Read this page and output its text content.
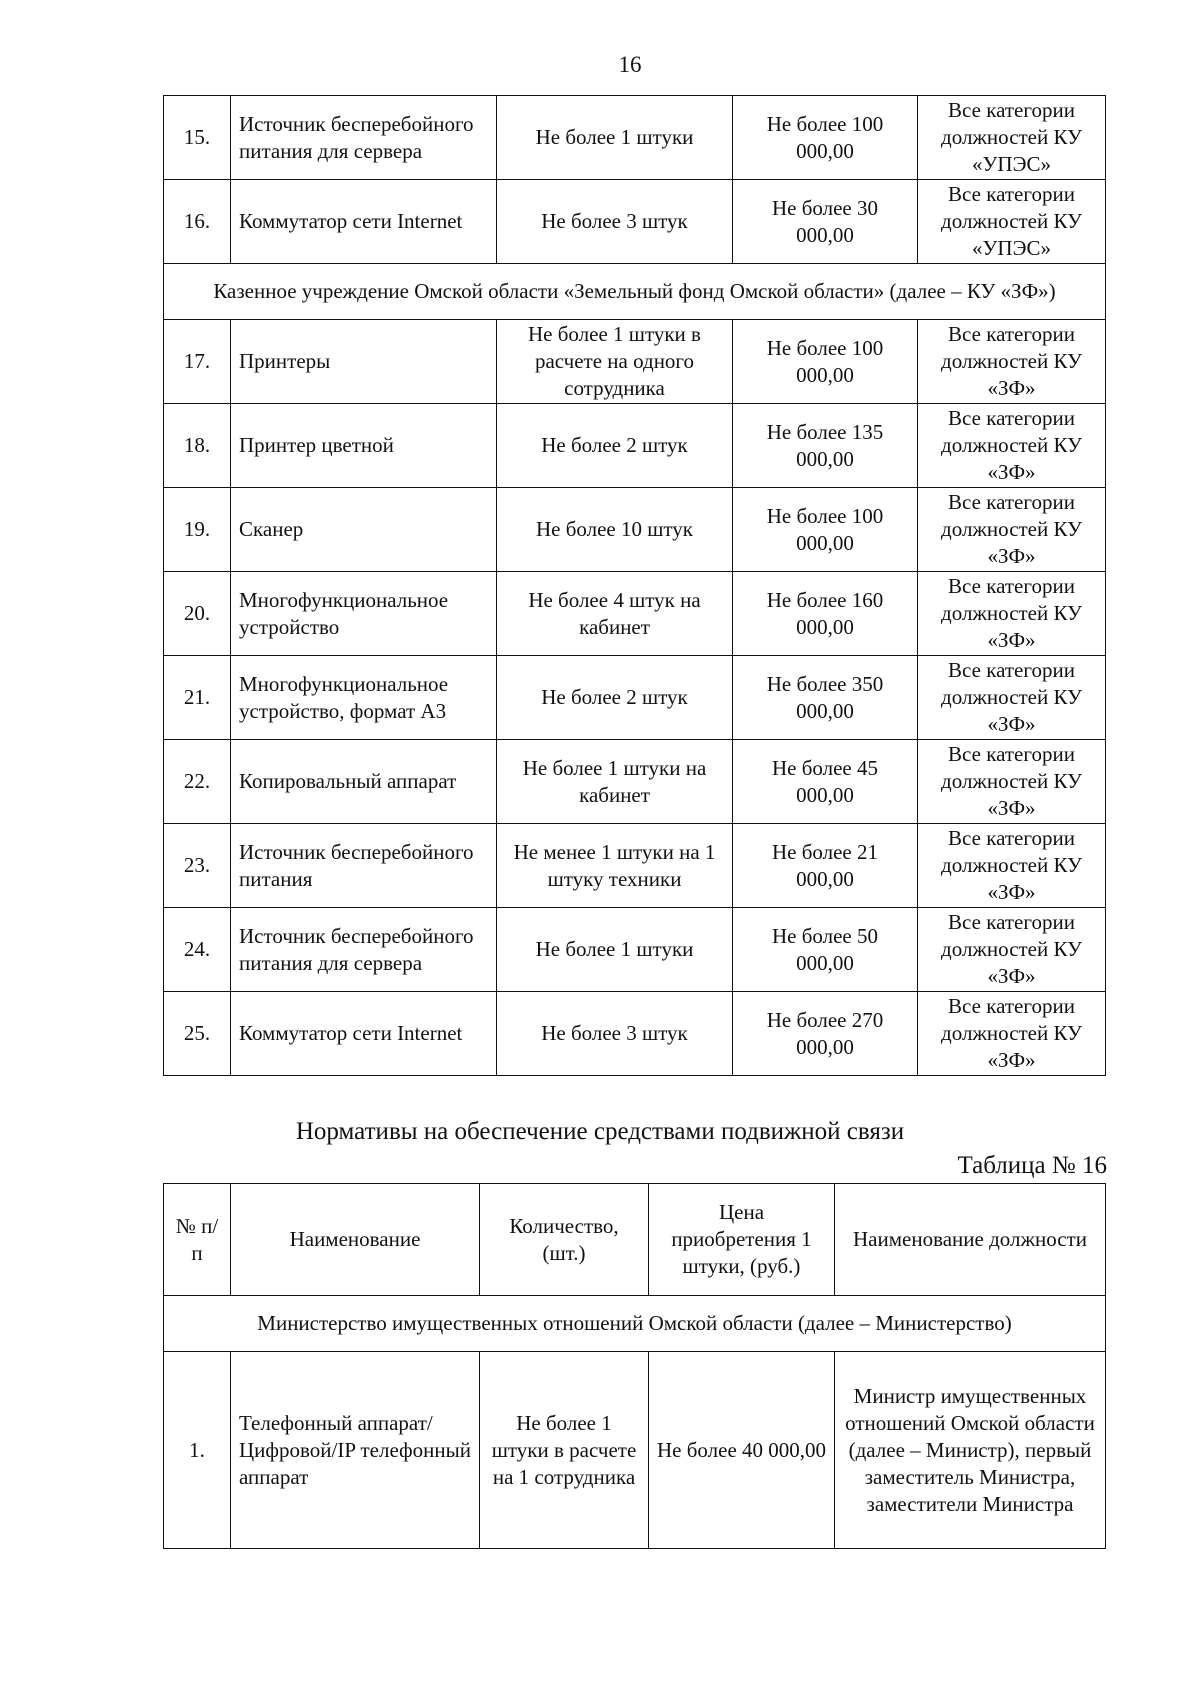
16
15.	Источник бесперебойного питания для сервера	Не более 1 штуки	Не более 100 000,00	Все категории должностей КУ «УПЭС»
16.	Коммутатор сети Internet	Не более 3 штук	Не более 30 000,00	Все категории должностей КУ «УПЭС»
Казенное учреждение Омской области «Земельный фонд Омской области» (далее – КУ «ЗФ»)				
17.	Принтеры	Не более 1 штуки в расчете на одного сотрудника	Не более 100 000,00	Все категории должностей КУ «ЗФ»
18.	Принтер цветной	Не более 2 штук	Не более 135 000,00	Все категории должностей КУ «ЗФ»
19.	Сканер	Не более 10 штук	Не более 100 000,00	Все категории должностей КУ «ЗФ»
20.	Многофункциональное устройство	Не более 4 штук на кабинет	Не более 160 000,00	Все категории должностей КУ «ЗФ»
21.	Многофункциональное устройство, формат А3	Не более 2 штук	Не более 350 000,00	Все категории должностей КУ «ЗФ»
22.	Копировальный аппарат	Не более 1 штуки на кабинет	Не более 45 000,00	Все категории должностей КУ «ЗФ»
23.	Источник бесперебойного питания	Не менее 1 штуки на 1 штуку техники	Не более 21 000,00	Все категории должностей КУ «ЗФ»
24.	Источник бесперебойного питания для сервера	Не более 1 штуки	Не более 50 000,00	Все категории должностей КУ «ЗФ»
25.	Коммутатор сети Internet	Не более 3 штук	Не более 270 000,00	Все категории должностей КУ «ЗФ»
Нормативы на обеспечение средствами подвижной связи
Таблица № 16
№ п/п	Наименование	Количество, (шт.)	Цена приобретения 1 штуки, (руб.)	Наименование должности
Министерство имущественных отношений Омской области (далее – Министерство)				
1.	Телефонный аппарат/Цифровой/IP телефонный аппарат	Не более 1 штуки в расчете на 1 сотрудника	Не более 40 000,00	Министр имущественных отношений Омской области (далее – Министр), первый заместитель Министра, заместители Министра
